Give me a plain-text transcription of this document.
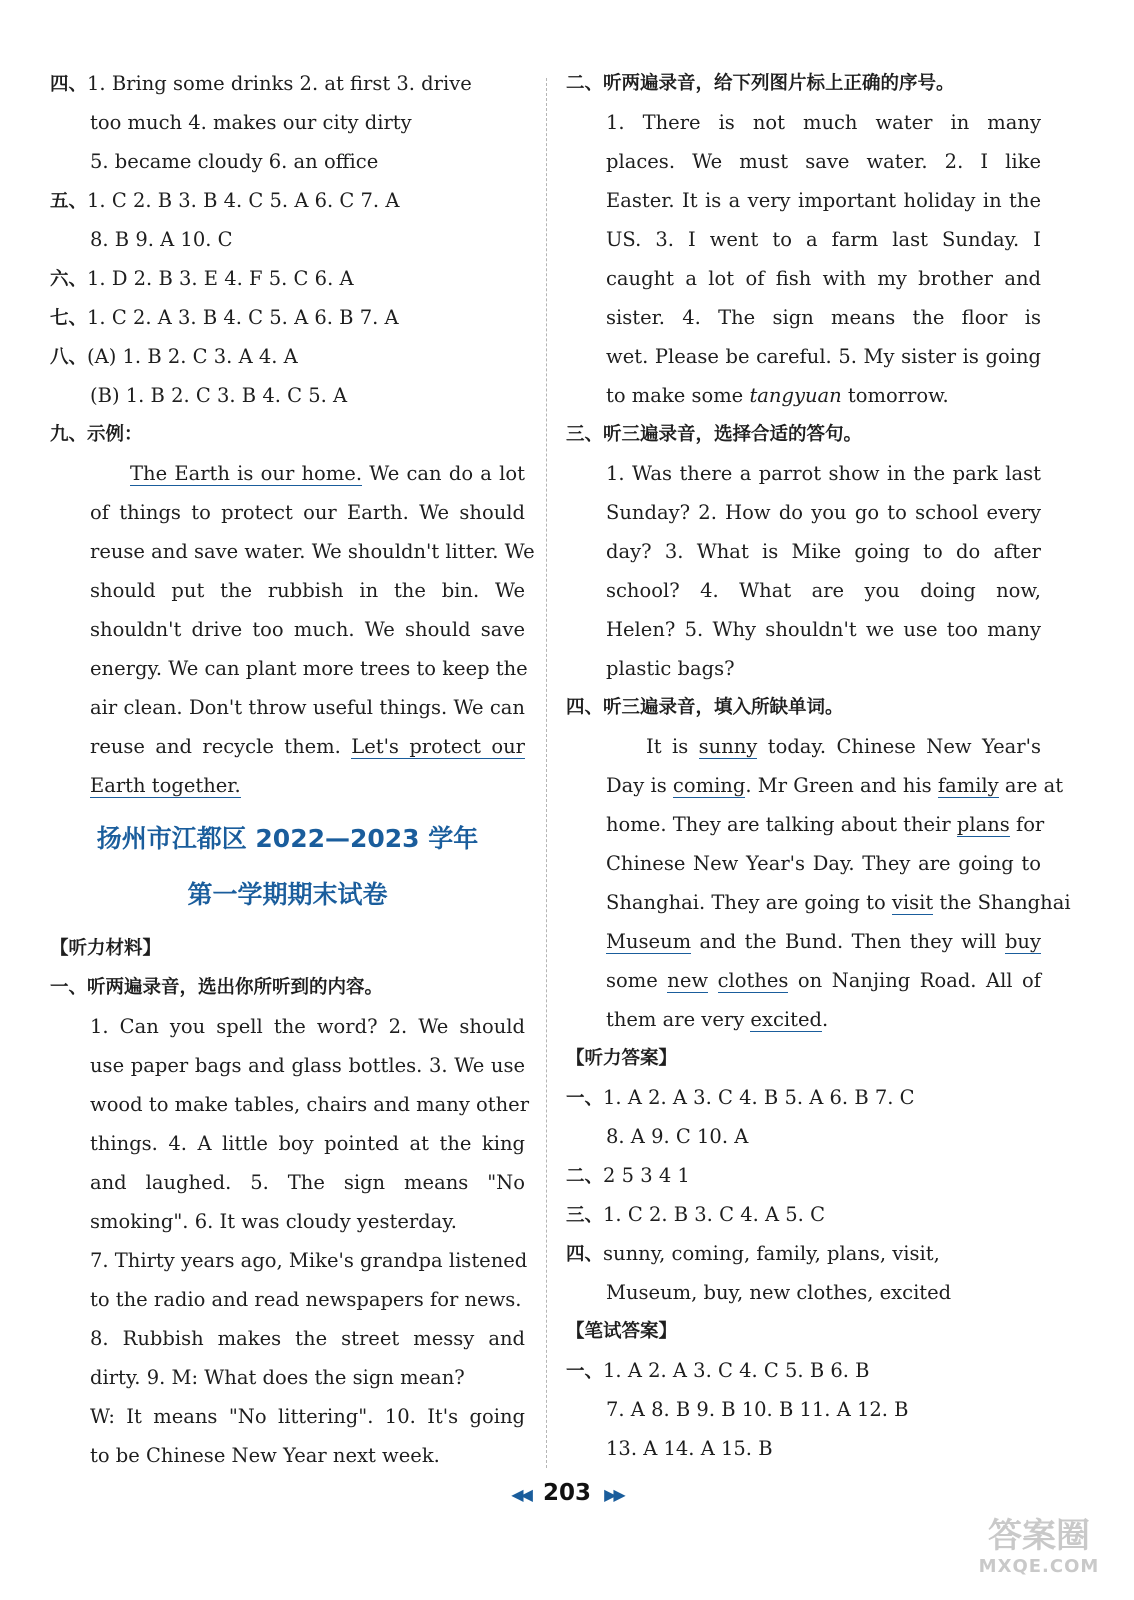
四、1. Bring some drinks 2. at first 3. drive
too much 4. makes our city dirty
5. became cloudy 6. an office
五、1. C 2. B 3. B 4. C 5. A 6. C 7. A
8. B 9. A 10. C
六、1. D 2. B 3. E 4. F 5. C 6. A
七、1. C 2. A 3. B 4. C 5. A 6. B 7. A
八、(A) 1. B 2. C 3. A 4. A
(B) 1. B 2. C 3. B 4. C 5. A
九、示例：
The Earth is our home. We can do a lot
of things to protect our Earth. We should
reuse and save water. We shouldn't litter. We
should put the rubbish in the bin. We
shouldn't drive too much. We should save
energy. We can plant more trees to keep the
air clean. Don't throw useful things. We can
reuse and recycle them. Let's protect our
Earth together.
扬州市江都区 2022—2023 学年
第一学期期末试卷
【听力材料】
一、听两遍录音，选出你所听到的内容。
1. Can you spell the word? 2. We should
use paper bags and glass bottles. 3. We use
wood to make tables, chairs and many other
things. 4. A little boy pointed at the king
and laughed. 5. The sign means "No
smoking". 6. It was cloudy yesterday.
7. Thirty years ago, Mike's grandpa listened
to the radio and read newspapers for news.
8. Rubbish makes the street messy and
dirty. 9. M: What does the sign mean?
W: It means "No littering". 10. It's going
to be Chinese New Year next week.
二、听两遍录音，给下列图片标上正确的序号。
1. There is not much water in many
places. We must save water. 2. I like
Easter. It is a very important holiday in the
US. 3. I went to a farm last Sunday. I
caught a lot of fish with my brother and
sister. 4. The sign means the floor is
wet. Please be careful. 5. My sister is going
to make some tangyuan tomorrow.
三、听三遍录音，选择合适的答句。
1. Was there a parrot show in the park last
Sunday? 2. How do you go to school every
day? 3. What is Mike going to do after
school? 4. What are you doing now,
Helen? 5. Why shouldn't we use too many
plastic bags?
四、听三遍录音，填入所缺单词。
It is sunny today. Chinese New Year's
Day is coming. Mr Green and his family are at
home. They are talking about their plans for
Chinese New Year's Day. They are going to
Shanghai. They are going to visit the Shanghai
Museum and the Bund. Then they will buy
some new clothes on Nanjing Road. All of
them are very excited.
【听力答案】
一、1. A 2. A 3. C 4. B 5. A 6. B 7. C
8. A 9. C 10. A
二、2 5 3 4 1
三、1. C 2. B 3. C 4. A 5. C
四、sunny, coming, family, plans, visit,
Museum, buy, new clothes, excited
【笔试答案】
一、1. A 2. A 3. C 4. C 5. B 6. B
7. A 8. B 9. B 10. B 11. A 12. B
13. A 14. A 15. B
◀◀ 203 ▶▶
答案圈
MXQE.COM
